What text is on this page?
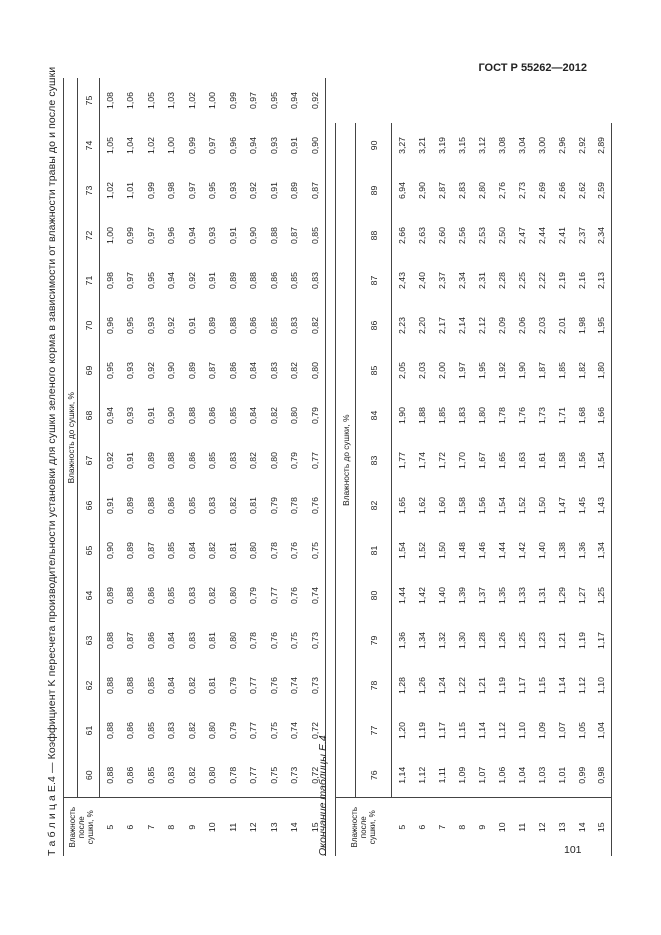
ГОСТ Р 55262—2012
Т а б л и ц а Е.4 — Коэффициент K пересчета производительности установки для сушки зеленого корма в зависимости от влажности травы до и после сушки Влажность после сушки, %	Влажность до сушки, %															
	60	61	62	63	64	65	66	67	68	69	70	71	72	73	74	75
5	0,88	0,88	0,88	0,88	0,89	0,90	0,91	0,92	0,94	0,95	0,96	0,98	1,00	1,02	1,05	1,08
6	0,86	0,86	0,88	0,87	0,88	0,89	0,89	0,91	0,93	0,93	0,95	0,97	0,99	1,01	1,04	1,06
7	0,85	0,85	0,85	0,86	0,86	0,87	0,88	0,89	0,91	0,92	0,93	0,95	0,97	0,99	1,02	1,05
8	0,83	0,83	0,84	0,84	0,85	0,85	0,86	0,88	0,90	0,90	0,92	0,94	0,96	0,98	1,00	1,03
9	0,82	0,82	0,82	0,83	0,83	0,84	0,85	0,86	0,88	0,89	0,91	0,92	0,94	0,97	0,99	1,02
10	0,80	0,80	0,81	0,81	0,82	0,82	0,83	0,85	0,86	0,87	0,89	0,91	0,93	0,95	0,97	1,00
11	0,78	0,79	0,79	0,80	0,80	0,81	0,82	0,83	0,85	0,86	0,88	0,89	0,91	0,93	0,96	0,99
12	0,77	0,77	0,77	0,78	0,79	0,80	0,81	0,82	0,84	0,84	0,86	0,88	0,90	0,92	0,94	0,97
13	0,75	0,75	0,76	0,76	0,77	0,78	0,79	0,80	0,82	0,83	0,85	0,86	0,88	0,91	0,93	0,95
14	0,73	0,74	0,74	0,75	0,76	0,76	0,78	0,79	0,80	0,82	0,83	0,85	0,87	0,89	0,91	0,94
15	0,72	0,72	0,73	0,73	0,74	0,75	0,76	0,77	0,79	0,80	0,82	0,83	0,85	0,87	0,90	0,92
Окончание таблицы Е.4	Влажность после сушки, %	Влажность до сушки, %														
	76	77	78	79	80	81	82	83	84	85	86	87	88	89	90
5	1,14	1,20	1,28	1,36	1,44	1,54	1,65	1,77	1,90	2,05	2,23	2,43	2,66	6,94	3,27
6	1,12	1,19	1,26	1,34	1,42	1,52	1,62	1,74	1,88	2,03	2,20	2,40	2,63	2,90	3,21
7	1,11	1,17	1,24	1,32	1,40	1,50	1,60	1,72	1,85	2,00	2,17	2,37	2,60	2,87	3,19
8	1,09	1,15	1,22	1,30	1,39	1,48	1,58	1,70	1,83	1,97	2,14	2,34	2,56	2,83	3,15
9	1,07	1,14	1,21	1,28	1,37	1,46	1,56	1,67	1,80	1,95	2,12	2,31	2,53	2,80	3,12
10	1,06	1,12	1,19	1,26	1,35	1,44	1,54	1,65	1,78	1,92	2,09	2,28	2,50	2,76	3,08
11	1,04	1,10	1,17	1,25	1,33	1,42	1,52	1,63	1,76	1,90	2,06	2,25	2,47	2,73	3,04
12	1,03	1,09	1,15	1,23	1,31	1,40	1,50	1,61	1,73	1,87	2,03	2,22	2,44	2,69	3,00
13	1,01	1,07	1,14	1,21	1,29	1,38	1,47	1,58	1,71	1,85	2,01	2,19	2,41	2,66	2,96
14	0,99	1,05	1,12	1,19	1,27	1,36	1,45	1,56	1,68	1,82	1,98	2,16	2,37	2,62	2,92
15	0,98	1,04	1,10	1,17	1,25	1,34	1,43	1,54	1,66	1,80	1,95	2,13	2,34	2,59	2,89
101
